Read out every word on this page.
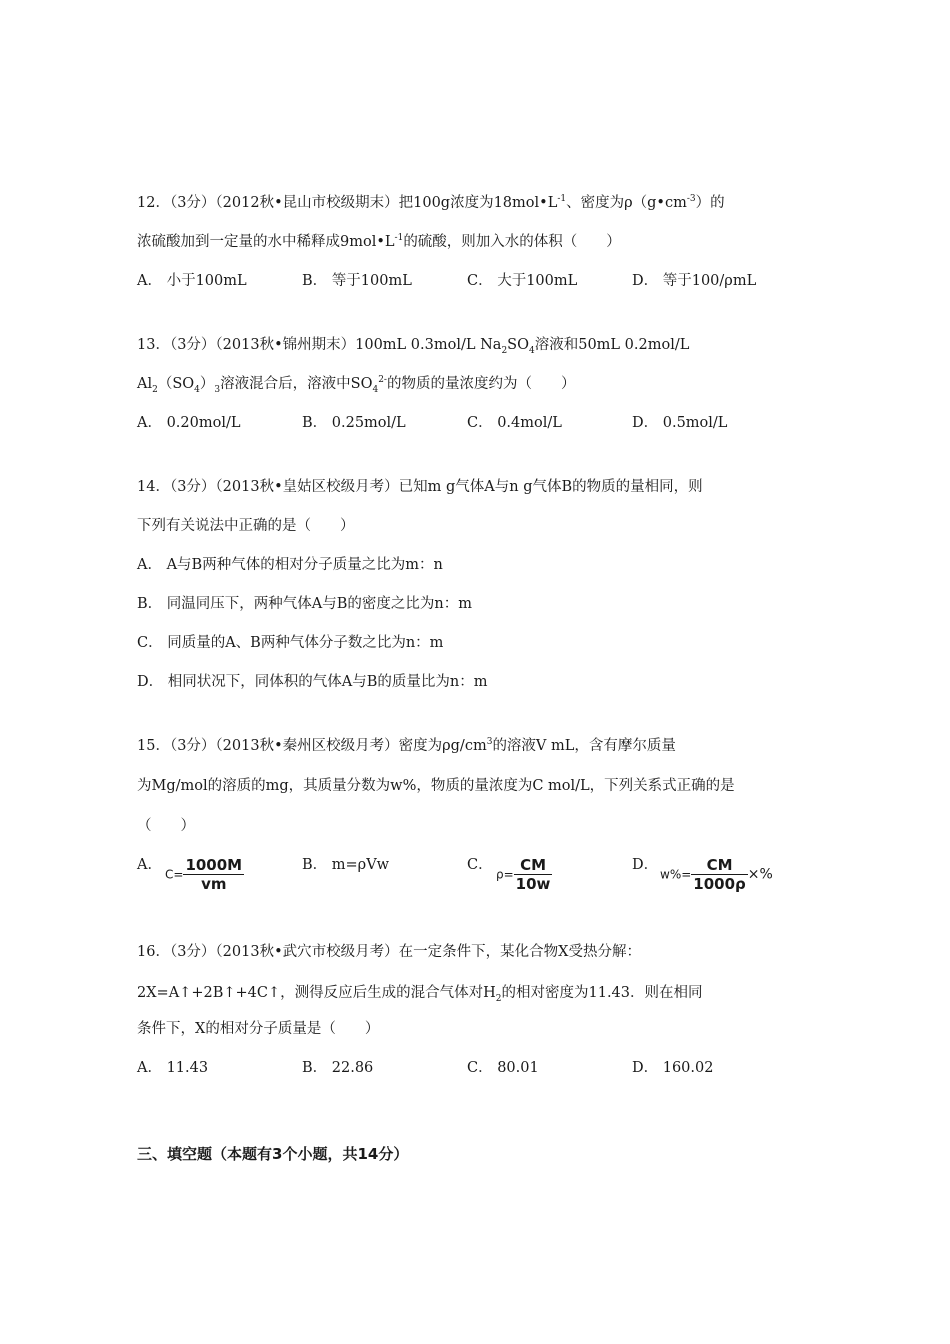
12．（3分）（2012秋•昆山市校级期末）把100g浓度为$18mol•L^{-1}$、密度为$\rho(g•cm^{-3})$的
浓硫酸加到一定量的水中稀释成$9mol•L^{-1}$的硫酸，则加入水的体积（　　）
A． 小于100mL	B． 等于100mL	C． 大于100mL	D． 等于100/ρmL
13．（3分）（2013秋•锦州期末）100mL 0.3mol/L $Na_2SO_4$溶液和50mL 0.2mol/L
$Al_2(SO_4)_3$溶液混合后，溶液中$SO_4^{2-}$的物质的量浓度约为（　　）
A． 0.20mol/L	B． 0.25mol/L	C． 0.4mol/L	D． 0.5mol/L
14．（3分）（2013秋•皇姑区校级月考）已知m g气体A与n g气体B的物质的量相同，则
下列有关说法中正确的是（　　）
A． A与B两种气体的相对分子质量之比为m：n
B． 同温同压下，两种气体A与B的密度之比为n：m
C． 同质量的A、B两种气体分子数之比为n：m
D． 相同状况下，同体积的气体A与B的质量比为n：m
15．（3分）（2013秋•秦州区校级月考）密度为$\rho g/cm^3$的溶液V mL，含有摩尔质量
为Mg/mol的溶质的mg，其质量分数为w%，物质的量浓度为C mol/L，下列关系式正确的是
（　　）
A．
$C= \frac{1000M}{vm}$	B． m=ρVw	C．
$\rho= \frac{CM}{10w}$	D．
$w\%= \frac{CM}{1000\rho}$ ×%
16．（3分）（2013秋•武穴市校级月考）在一定条件下，某化合物X受热分解：
2X=A↑+2B↑+4C↑，测得反应后生成的混合气体对$H_2$的相对密度为11.43．则在相同
条件下，X的相对分子质量是（　　）
A． 11.43	B． 22.86	C． 80.01	D． 160.02
三、填空题（本题有3个小题，共14分）
